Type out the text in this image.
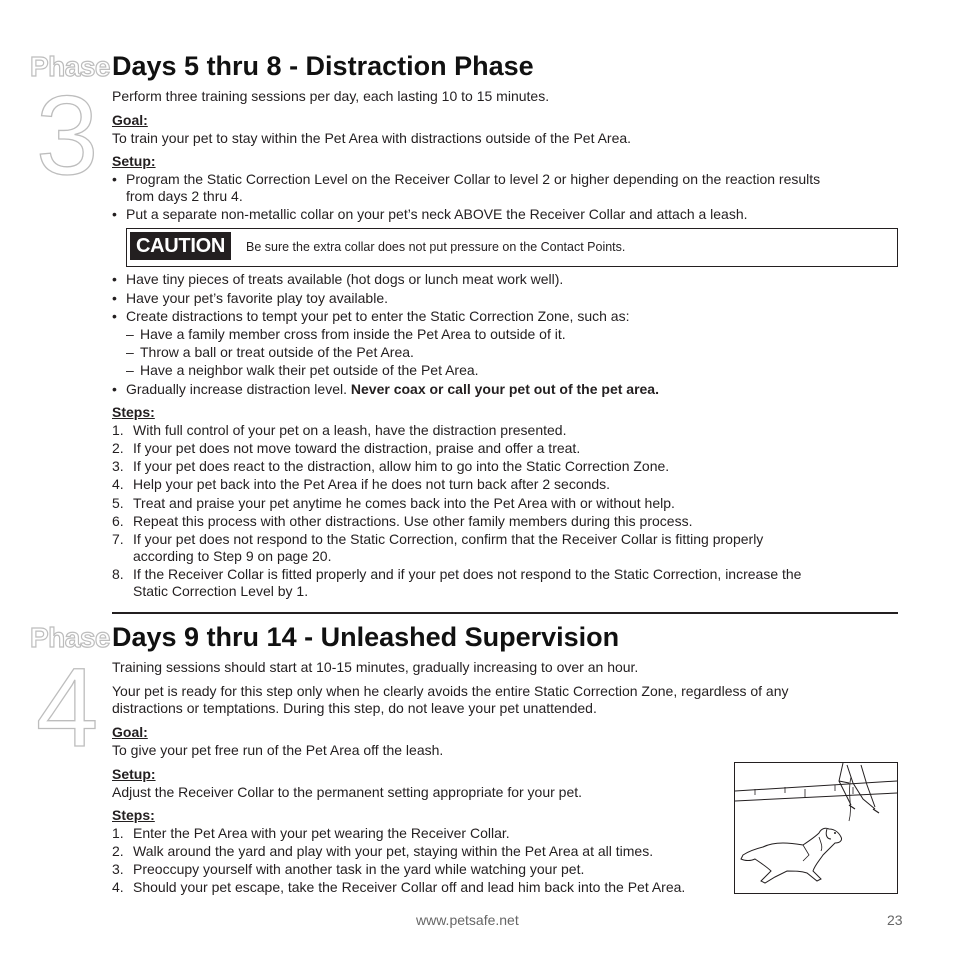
Phase
3
Days 5 thru 8 - Distraction Phase
Perform three training sessions per day, each lasting 10 to 15 minutes.
Goal:
To train your pet to stay within the Pet Area with distractions outside of the Pet Area.
Setup:
• Program the Static Correction Level on the Receiver Collar to level 2 or higher depending on the reaction results
from days 2 thru 4.
• Put a separate non-metallic collar on your pet’s neck ABOVE the Receiver Collar and attach a leash.
CAUTION	Be sure the extra collar does not put pressure on the Contact Points.
• Have tiny pieces of treats available (hot dogs or lunch meat work well).
• Have your pet’s favorite play toy available.
• Create distractions to tempt your pet to enter the Static Correction Zone, such as:
– Have a family member cross from inside the Pet Area to outside of it.
– Throw a ball or treat outside of the Pet Area.
– Have a neighbor walk their pet outside of the Pet Area.
• Gradually increase distraction level. Never coax or call your pet out of the pet area.
Steps:
1. With full control of your pet on a leash, have the distraction presented.
2. If your pet does not move toward the distraction, praise and offer a treat.
3. If your pet does react to the distraction, allow him to go into the Static Correction Zone.
4. Help your pet back into the Pet Area if he does not turn back after 2 seconds.
5. Treat and praise your pet anytime he comes back into the Pet Area with or without help.
6. Repeat this process with other distractions. Use other family members during this process.
7. If your pet does not respond to the Static Correction, confirm that the Receiver Collar is fitting properly
according to Step 9 on page 20.
8. If the Receiver Collar is fitted properly and if your pet does not respond to the Static Correction, increase the
Static Correction Level by 1.
Phase
4
Days 9 thru 14 - Unleashed Supervision
Training sessions should start at 10-15 minutes, gradually increasing to over an hour.
Your pet is ready for this step only when he clearly avoids the entire Static Correction Zone, regardless of any
distractions or temptations. During this step, do not leave your pet unattended.
Goal:
To give your pet free run of the Pet Area off the leash.
Setup:
Adjust the Receiver Collar to the permanent setting appropriate for your pet.
Steps:
1. Enter the Pet Area with your pet wearing the Receiver Collar.
2. Walk around the yard and play with your pet, staying within the Pet Area at all times.
3. Preoccupy yourself with another task in the yard while watching your pet.
4. Should your pet escape, take the Receiver Collar off and lead him back into the Pet Area.
www.petsafe.net	23
